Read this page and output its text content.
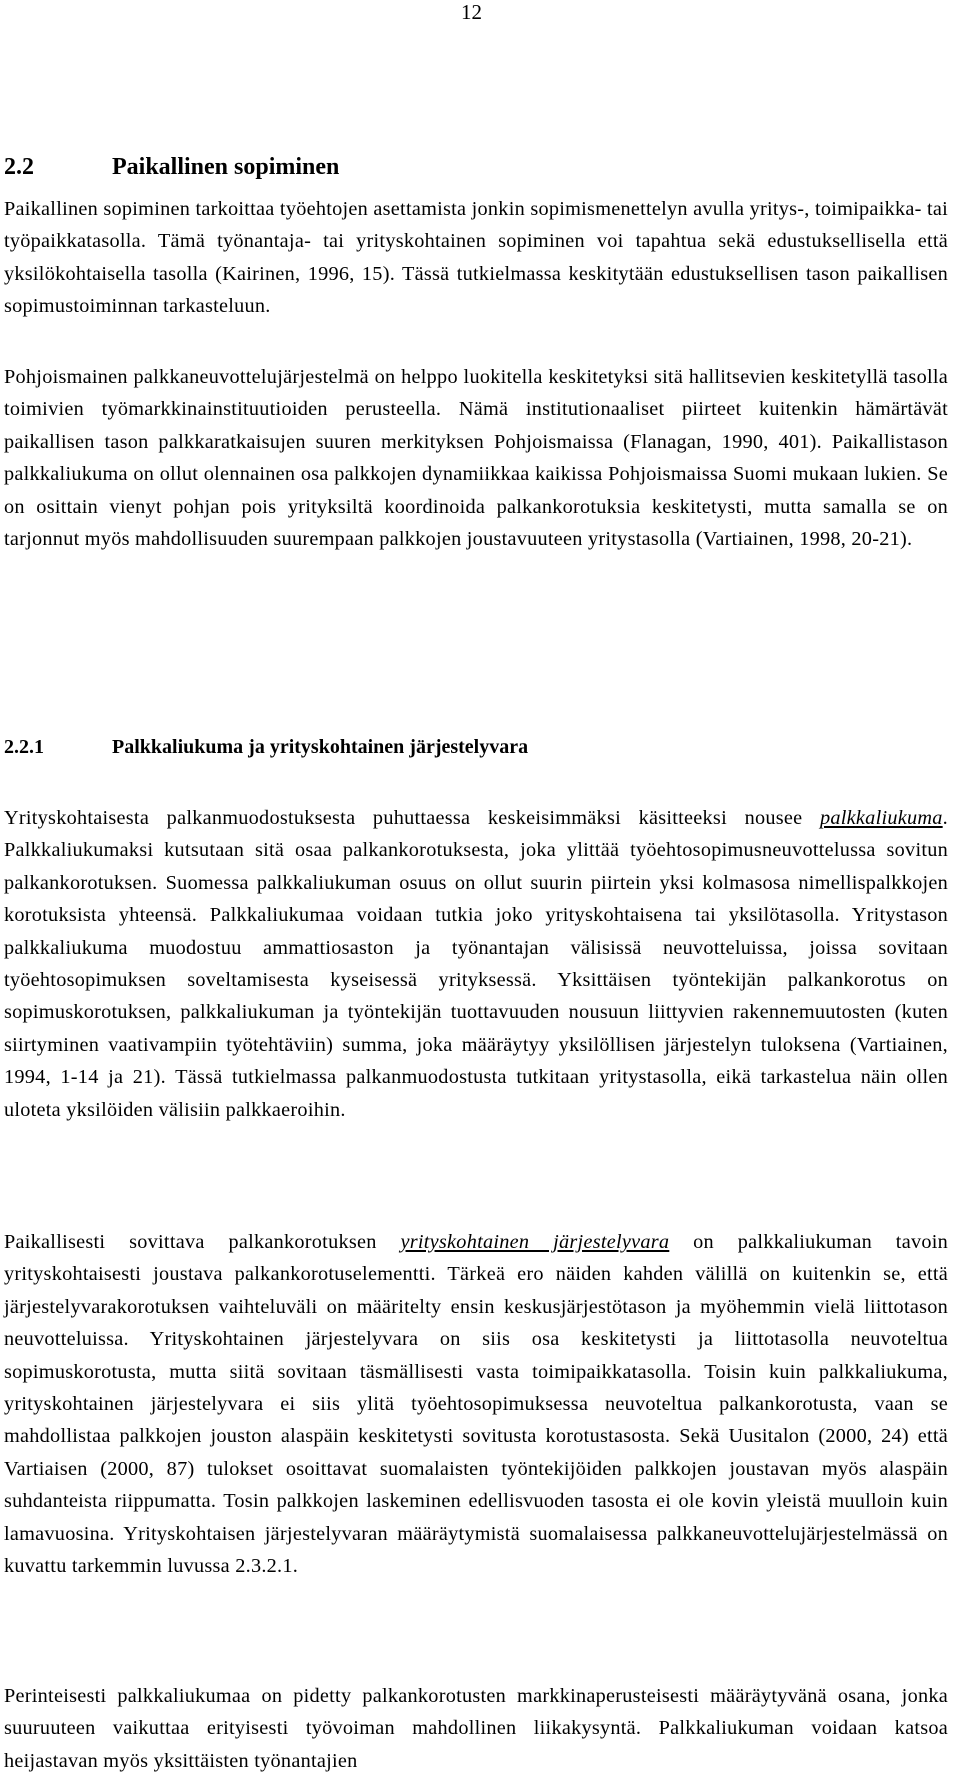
12
2.2	Paikallinen sopiminen

Paikallinen sopiminen tarkoittaa työehtojen asettamista jonkin sopimismenettelyn avulla yritys-, toimipaikka- tai työpaikkatasolla. Tämä työnantaja- tai yrityskohtainen sopiminen voi tapahtua sekä edustuksellisella että yksilökohtaisella tasolla (Kairinen, 1996, 15). Tässä tutkielmassa keskitytään edustuksellisen tason paikallisen sopimustoiminnan tarkasteluun.

Pohjoismainen palkkaneuvottelujärjestelmä on helppo luokitella keskitetyksi sitä hallitsevien keskitetyllä tasolla toimivien työmarkkinainstituutioiden perusteella. Nämä institutionaaliset piirteet kuitenkin hämärtävät paikallisen tason palkkaratkaisujen suuren merkityksen Pohjoismaissa (Flanagan, 1990, 401). Paikallistason palkkaliukuma on ollut olennainen osa palkkojen dynamiikkaa kaikissa Pohjoismaissa Suomi mukaan lukien. Se on osittain vienyt pohjan pois yrityksiltä koordinoida palkankorotuksia keskitetysti, mutta samalla se on tarjonnut myös mahdollisuuden suurempaan palkkojen joustavuuteen yritystasolla (Vartiainen, 1998, 20-21).

2.2.1	Palkkaliukuma ja yrityskohtainen järjestelyvara

Yrityskohtaisesta palkanmuodostuksesta puhuttaessa keskeisimmäksi käsitteeksi nousee palkkaliukuma. Palkkaliukumaksi kutsutaan sitä osaa palkankorotuksesta, joka ylittää työehtosopimusneuvottelussa sovitun palkankorotuksen. Suomessa palkkaliukuman osuus on ollut suurin piirtein yksi kolmasosa nimellispalkkojen korotuksista yhteensä. Palkkaliukumaa voidaan tutkia joko yrityskohtaisena tai yksilötasolla. Yritystason palkkaliukuma muodostuu ammattiosaston ja työnantajan välisissä neuvotteluissa, joissa sovitaan työehtosopimuksen soveltamisesta kyseisessä yrityksessä. Yksittäisen työntekijän palkankorotus on sopimuskorotuksen, palkkaliukuman ja työntekijän tuottavuuden nousuun liittyvien rakennemuutosten (kuten siirtyminen vaativampiin työtehtäviin) summa, joka määräytyy yksilöllisen järjestelyn tuloksena (Vartiainen, 1994, 1-14 ja 21). Tässä tutkielmassa palkanmuodostusta tutkitaan yritystasolla, eikä tarkastelua näin ollen uloteta yksilöiden välisiin palkkaeroihin.

Paikallisesti sovittava palkankorotuksen yrityskohtainen järjestelyvara on palkkaliukuman tavoin yrityskohtaisesti joustava palkankorotuselementti. Tärkeä ero näiden kahden välillä on kuitenkin se, että järjestelyvarakorotuksen vaihteluväli on määritelty ensin keskusjärjestötason ja myöhemmin vielä liittotason neuvotteluissa. Yrityskohtainen järjestelyvara on siis osa keskitetysti ja liittotasolla neuvoteltua sopimuskorotusta, mutta siitä sovitaan täsmällisesti vasta toimipaikkatasolla. Toisin kuin palkkaliukuma, yrityskohtainen järjestelyvara ei siis ylitä työehtosopimuksessa neuvoteltua palkankorotusta, vaan se mahdollistaa palkkojen jouston alaspäin keskitetysti sovitusta korotustasosta. Sekä Uusitalon (2000, 24) että Vartiaisen (2000, 87) tulokset osoittavat suomalaisten työntekijöiden palkkojen joustavan myös alaspäin suhdanteista riippumatta. Tosin palkkojen laskeminen edellisvuoden tasosta ei ole kovin yleistä muulloin kuin lamavuosina. Yrityskohtaisen järjestelyvaran määräytymistä suomalaisessa palkkaneuvottelujärjestelmässä on kuvattu tarkemmin luvussa 2.3.2.1.

Perinteisesti palkkaliukumaa on pidetty palkankorotusten markkinaperusteisesti määräytyvänä osana, jonka suuruuteen vaikuttaa erityisesti työvoiman mahdollinen liikakysyntä. Palkkaliukuman voidaan katsoa heijastavan myös yksittäisten työnantajien
